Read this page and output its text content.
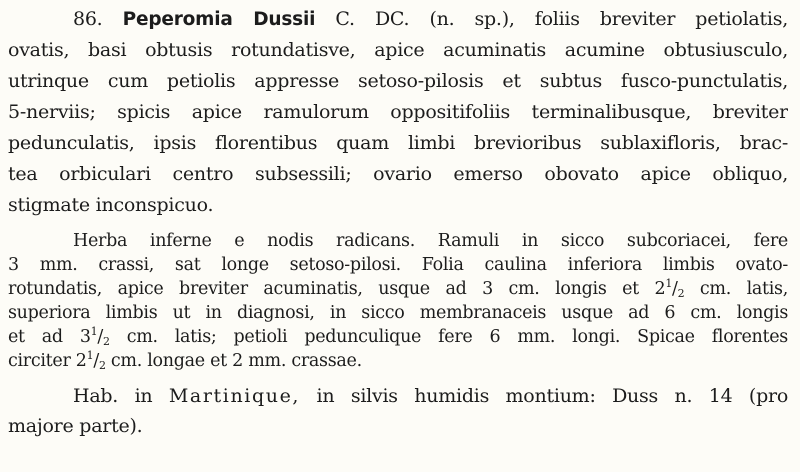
86. Peperomia Dussii C. DC. (n. sp.), foliis breviter petiolatis,
ovatis, basi obtusis rotundatisve, apice acuminatis acumine obtusiusculo,
utrinque cum petiolis appresse setoso-pilosis et subtus fusco-punctulatis,
5-nerviis; spicis apice ramulorum oppositifoliis terminalibusque, breviter
pedunculatis, ipsis florentibus quam limbi brevioribus sublaxifloris, brac-
tea orbiculari centro subsessili; ovario emerso obovato apice obliquo,
stigmate inconspicuo.
Herba inferne e nodis radicans. Ramuli in sicco subcoriacei, fere
3 mm. crassi, sat longe setoso-pilosi. Folia caulina inferiora limbis ovato-
rotundatis, apice breviter acuminatis, usque ad 3 cm. longis et $2^1/_2$ cm. latis,
superiora limbis ut in diagnosi, in sicco membranaceis usque ad 6 cm. longis
et ad $3^1/_2$ cm. latis; petioli pedunculique fere 6 mm. longi. Spicae florentes
circiter $2^1/_2$ cm. longae et 2 mm. crassae.
Hab. in Martinique, in silvis humidis montium: Duss n. 14 (pro
majore parte).
